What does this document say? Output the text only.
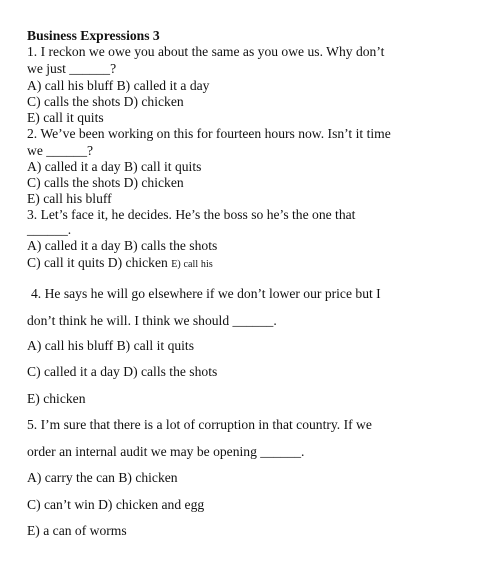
Business Expressions 3
1. I reckon we owe you about the same as you owe us. Why don’t
we just ______?
A) call his bluff B) called it a day
C) calls the shots D) chicken
E) call it quits
2. We’ve been working on this for fourteen hours now. Isn’t it time
we ______?
A) called it a day B) call it quits
C) calls the shots D) chicken
E) call his bluff
3. Let’s face it, he decides. He’s the boss so he’s the one that
______.
A) called it a day B) calls the shots
C) call it quits D) chicken E) call his
4. He says he will go elsewhere if we don’t lower our price but I
don’t think he will. I think we should ______.
A) call his bluff B) call it quits
C) called it a day D) calls the shots
E) chicken
5. I’m sure that there is a lot of corruption in that country. If we
order an internal audit we may be opening ______.
A) carry the can B) chicken
C) can’t win D) chicken and egg
E) a can of worms
